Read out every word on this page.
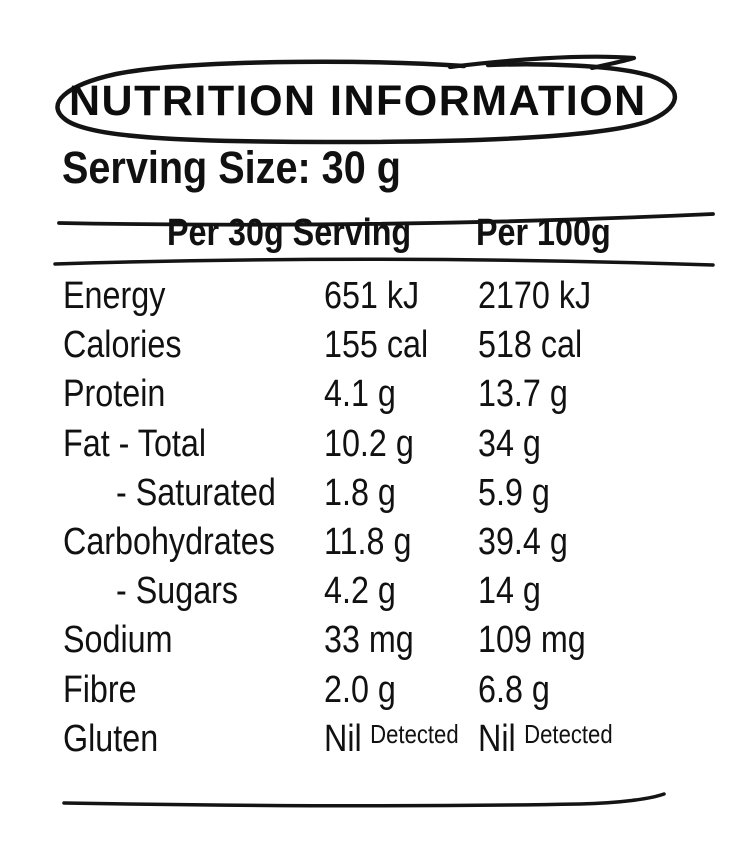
NUTRITION INFORMATION
Serving Size: 30 g
Per 30g Serving	Per 100g
Energy	651 kJ	2170 kJ
Calories	155 cal	518 cal
Protein	4.1 g	13.7 g
Fat - Total	10.2 g	34 g
- Saturated	1.8 g	5.9 g
Carbohydrates	11.8 g	39.4 g
- Sugars	4.2 g	14 g
Sodium	33 mg	109 mg
Fibre	2.0 g	6.8 g
Gluten	Nil $^{Detected}$ Nil $^{Detected}$
